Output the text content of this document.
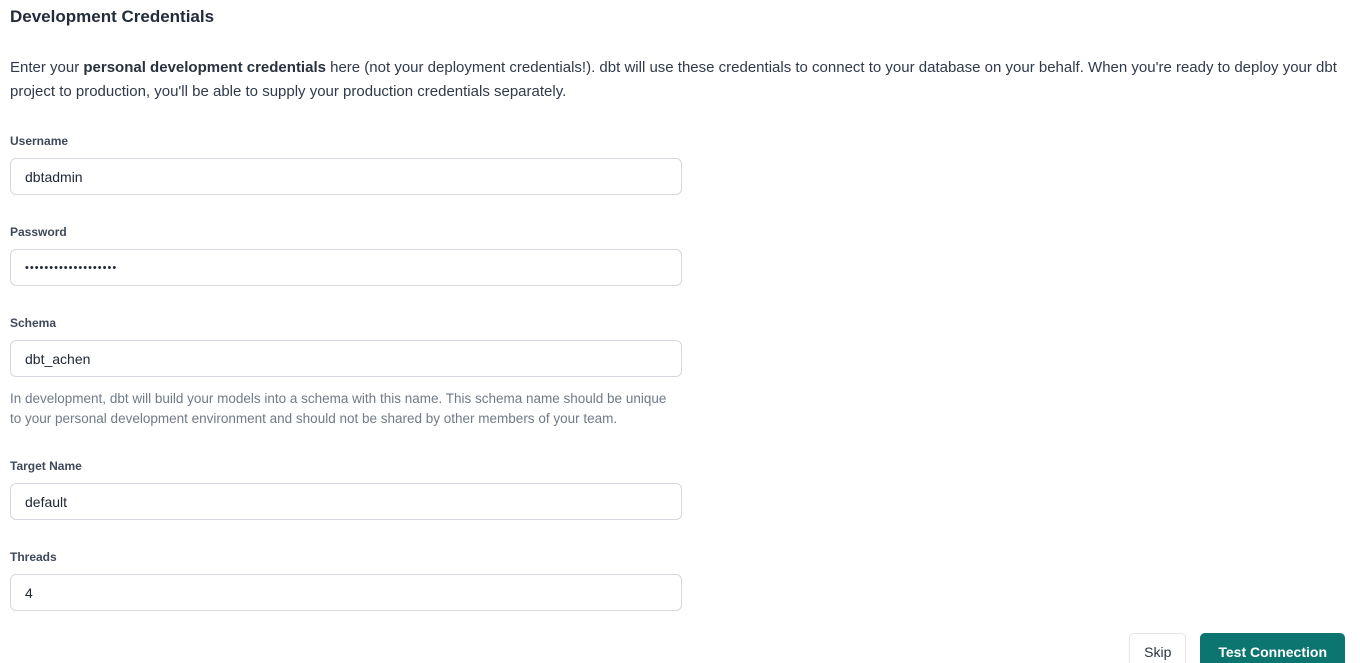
Development Credentials

Enter your personal development credentials here (not your deployment credentials!). dbt will use these credentials to connect to your database on your behalf. When you're ready to deploy your dbt project to production, you'll be able to supply your production credentials separately.

Username
dbtadmin
Password
•••••••••••••••••••
Schema
dbt_achen
In development, dbt will build your models into a schema with this name. This schema name should be unique to your personal development environment and should not be shared by other members of your team.
Target Name
default
Threads
4
Skip	Test Connection
